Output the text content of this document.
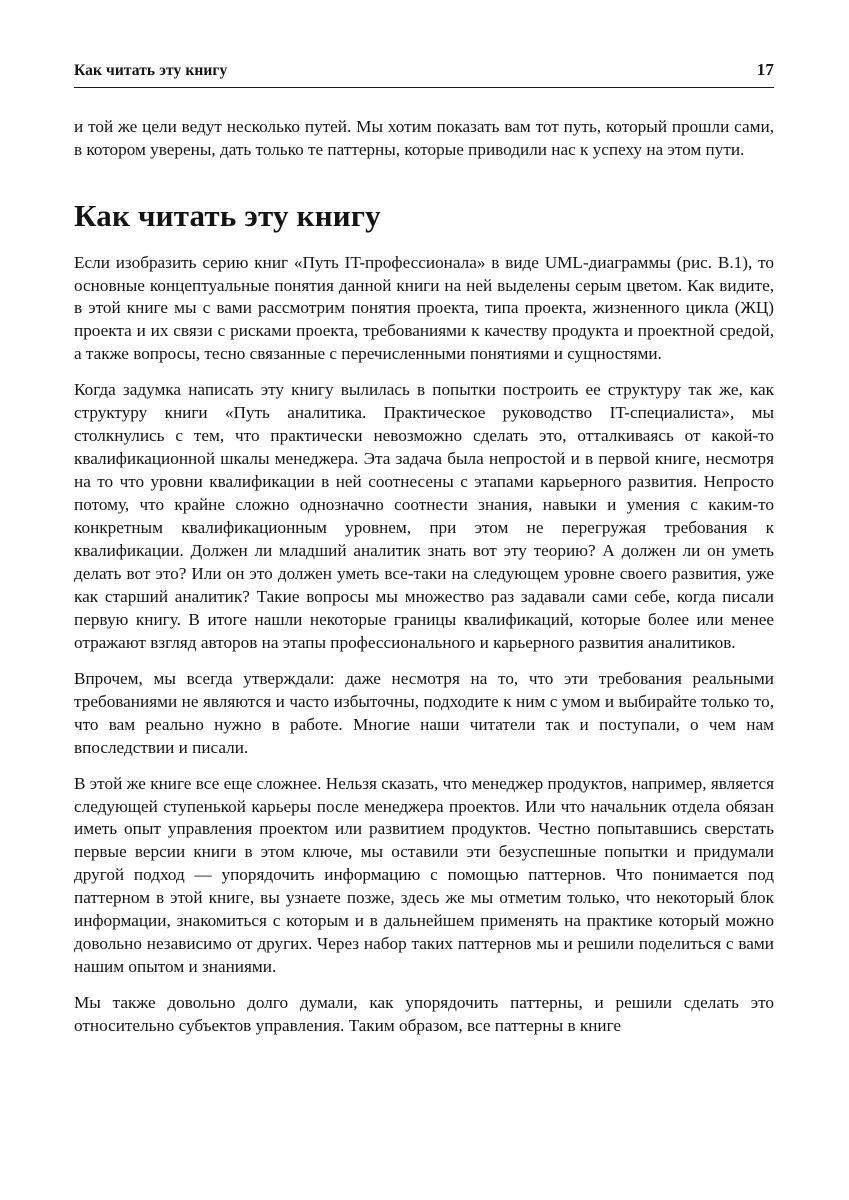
Как читать эту книгу	17

и той же цели ведут несколько путей. Мы хотим показать вам тот путь, который прошли сами, в котором уверены, дать только те паттерны, которые приводили нас к успеху на этом пути.

Как читать эту книгу

Если изобразить серию книг «Путь IT-профессионала» в виде UML-диаграммы (рис. В.1), то основные концептуальные понятия данной книги на ней выделены серым цветом. Как видите, в этой книге мы с вами рассмотрим понятия проекта, типа проекта, жизненного цикла (ЖЦ) проекта и их связи с рисками проекта, требованиями к качеству продукта и проектной средой, а также вопросы, тесно связанные с перечисленными понятиями и сущностями.

Когда задумка написать эту книгу вылилась в попытки построить ее структуру так же, как структуру книги «Путь аналитика. Практическое руководство IT-специалиста», мы столкнулись с тем, что практически невозможно сделать это, отталкиваясь от какой-то квалификационной шкалы менеджера. Эта задача была непростой и в первой книге, несмотря на то что уровни квалификации в ней соотнесены с этапами карьерного развития. Непросто потому, что крайне сложно однозначно соотнести знания, навыки и умения с каким-то конкретным квалификационным уровнем, при этом не перегружая требования к квалификации. Должен ли младший аналитик знать вот эту теорию? А должен ли он уметь делать вот это? Или он это должен уметь все-таки на следующем уровне своего развития, уже как старший аналитик? Такие вопросы мы множество раз задавали сами себе, когда писали первую книгу. В итоге нашли некоторые границы квалификаций, которые более или менее отражают взгляд авторов на этапы профессионального и карьерного развития аналитиков.

Впрочем, мы всегда утверждали: даже несмотря на то, что эти требования реальными требованиями не являются и часто избыточны, подходите к ним с умом и выбирайте только то, что вам реально нужно в работе. Многие наши читатели так и поступали, о чем нам впоследствии и писали.

В этой же книге все еще сложнее. Нельзя сказать, что менеджер продуктов, например, является следующей ступенькой карьеры после менеджера проектов. Или что начальник отдела обязан иметь опыт управления проектом или развитием продуктов. Честно попытавшись сверстать первые версии книги в этом ключе, мы оставили эти безуспешные попытки и придумали другой подход — упорядочить информацию с помощью паттернов. Что понимается под паттерном в этой книге, вы узнаете позже, здесь же мы отметим только, что некоторый блок информации, знакомиться с которым и в дальнейшем применять на практике который можно довольно независимо от других. Через набор таких паттернов мы и решили поделиться с вами нашим опытом и знаниями.

Мы также довольно долго думали, как упорядочить паттерны, и решили сделать это относительно субъектов управления. Таким образом, все паттерны в книге
